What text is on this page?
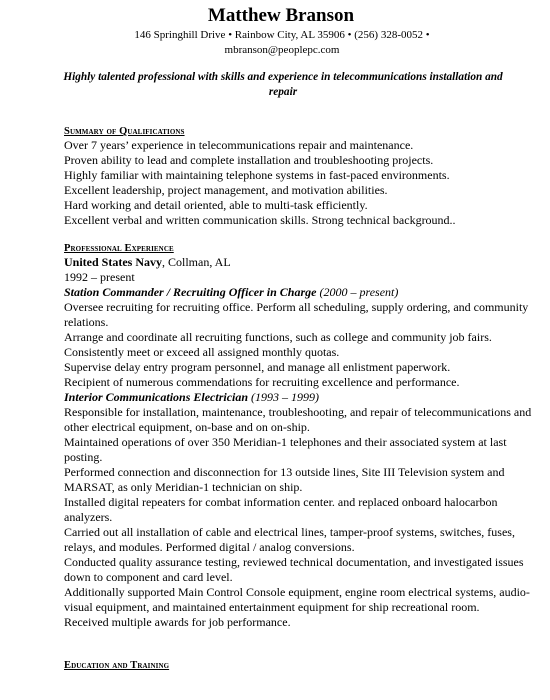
Matthew Branson

146 Springhill Drive • Rainbow City, AL 35906 • (256) 328-0052 •

mbranson@peoplepc.com

Highly talented professional with skills and experience in telecommunications installation and repair

Summary of Qualifications

Over 7 years’ experience in telecommunications repair and maintenance.

Proven ability to lead and complete installation and troubleshooting projects.

Highly familiar with maintaining telephone systems in fast-paced environments.

Excellent leadership, project management, and motivation abilities.

Hard working and detail oriented, able to multi-task efficiently.

Excellent verbal and written communication skills. Strong technical background..

Professional Experience

United States Navy, Collman, AL

1992 – present

Station Commander / Recruiting Officer in Charge (2000 – present)

Oversee recruiting for recruiting office. Perform all scheduling, supply ordering, and community relations.

Arrange and coordinate all recruiting functions, such as college and community job fairs.

Consistently meet or exceed all assigned monthly quotas.

Supervise delay entry program personnel, and manage all enlistment paperwork.

Recipient of numerous commendations for recruiting excellence and performance.

Interior Communications Electrician (1993 – 1999)

Responsible for installation, maintenance, troubleshooting, and repair of telecommunications and other electrical equipment, on-base and on on-ship.

Maintained operations of over 350 Meridian-1 telephones and their associated system at last posting.

Performed connection and disconnection for 13 outside lines, Site III Television system and MARSAT, as only Meridian-1 technician on ship.

Installed digital repeaters for combat information center. and replaced onboard halocarbon analyzers.

Carried out all installation of cable and electrical lines, tamper-proof systems, switches, fuses, relays, and modules. Performed digital / analog conversions.

Conducted quality assurance testing, reviewed technical documentation, and investigated issues down to component and card level.

Additionally supported Main Control Console equipment, engine room electrical systems, audio-visual equipment, and maintained entertainment equipment for ship recreational room.

Received multiple awards for job performance.

Education and Training
